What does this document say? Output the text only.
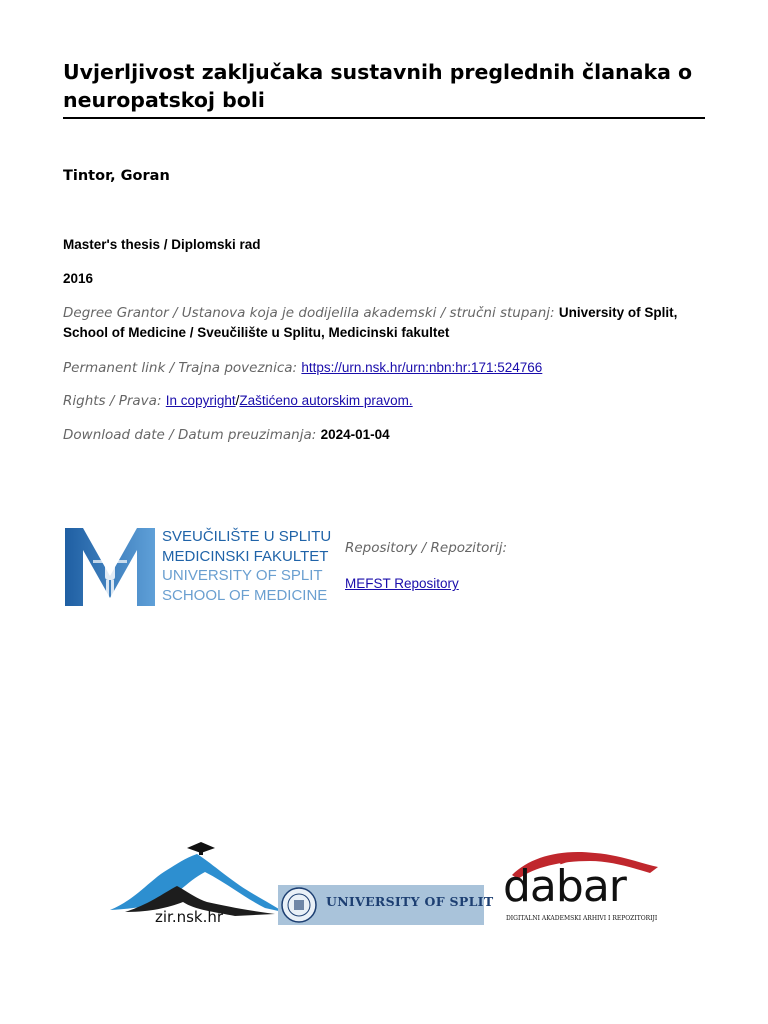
Uvjerljivost zaključaka sustavnih preglednih članaka o neuropatskoj boli
Tintor, Goran
Master's thesis / Diplomski rad
2016
Degree Grantor / Ustanova koja je dodijelila akademski / stručni stupanj: University of Split, School of Medicine / Sveučilište u Splitu, Medicinski fakultet
Permanent link / Trajna poveznica: https://urn.nsk.hr/urn:nbn:hr:171:524766
Rights / Prava: In copyright/Zaštićeno autorskim pravom.
Download date / Datum preuzimanja: 2024-01-04
SVEUČILIŠTE U SPLITU
MEDICINSKI FAKULTET
UNIVERSITY OF SPLIT
SCHOOL OF MEDICINE
Repository / Repozitorij:
MEFST Repository
zir.nsk.hr
UNIVERSITY OF SPLIT dabar
DIGITALNI AKADEMSKI ARHIVI I REPOZITORIJI
